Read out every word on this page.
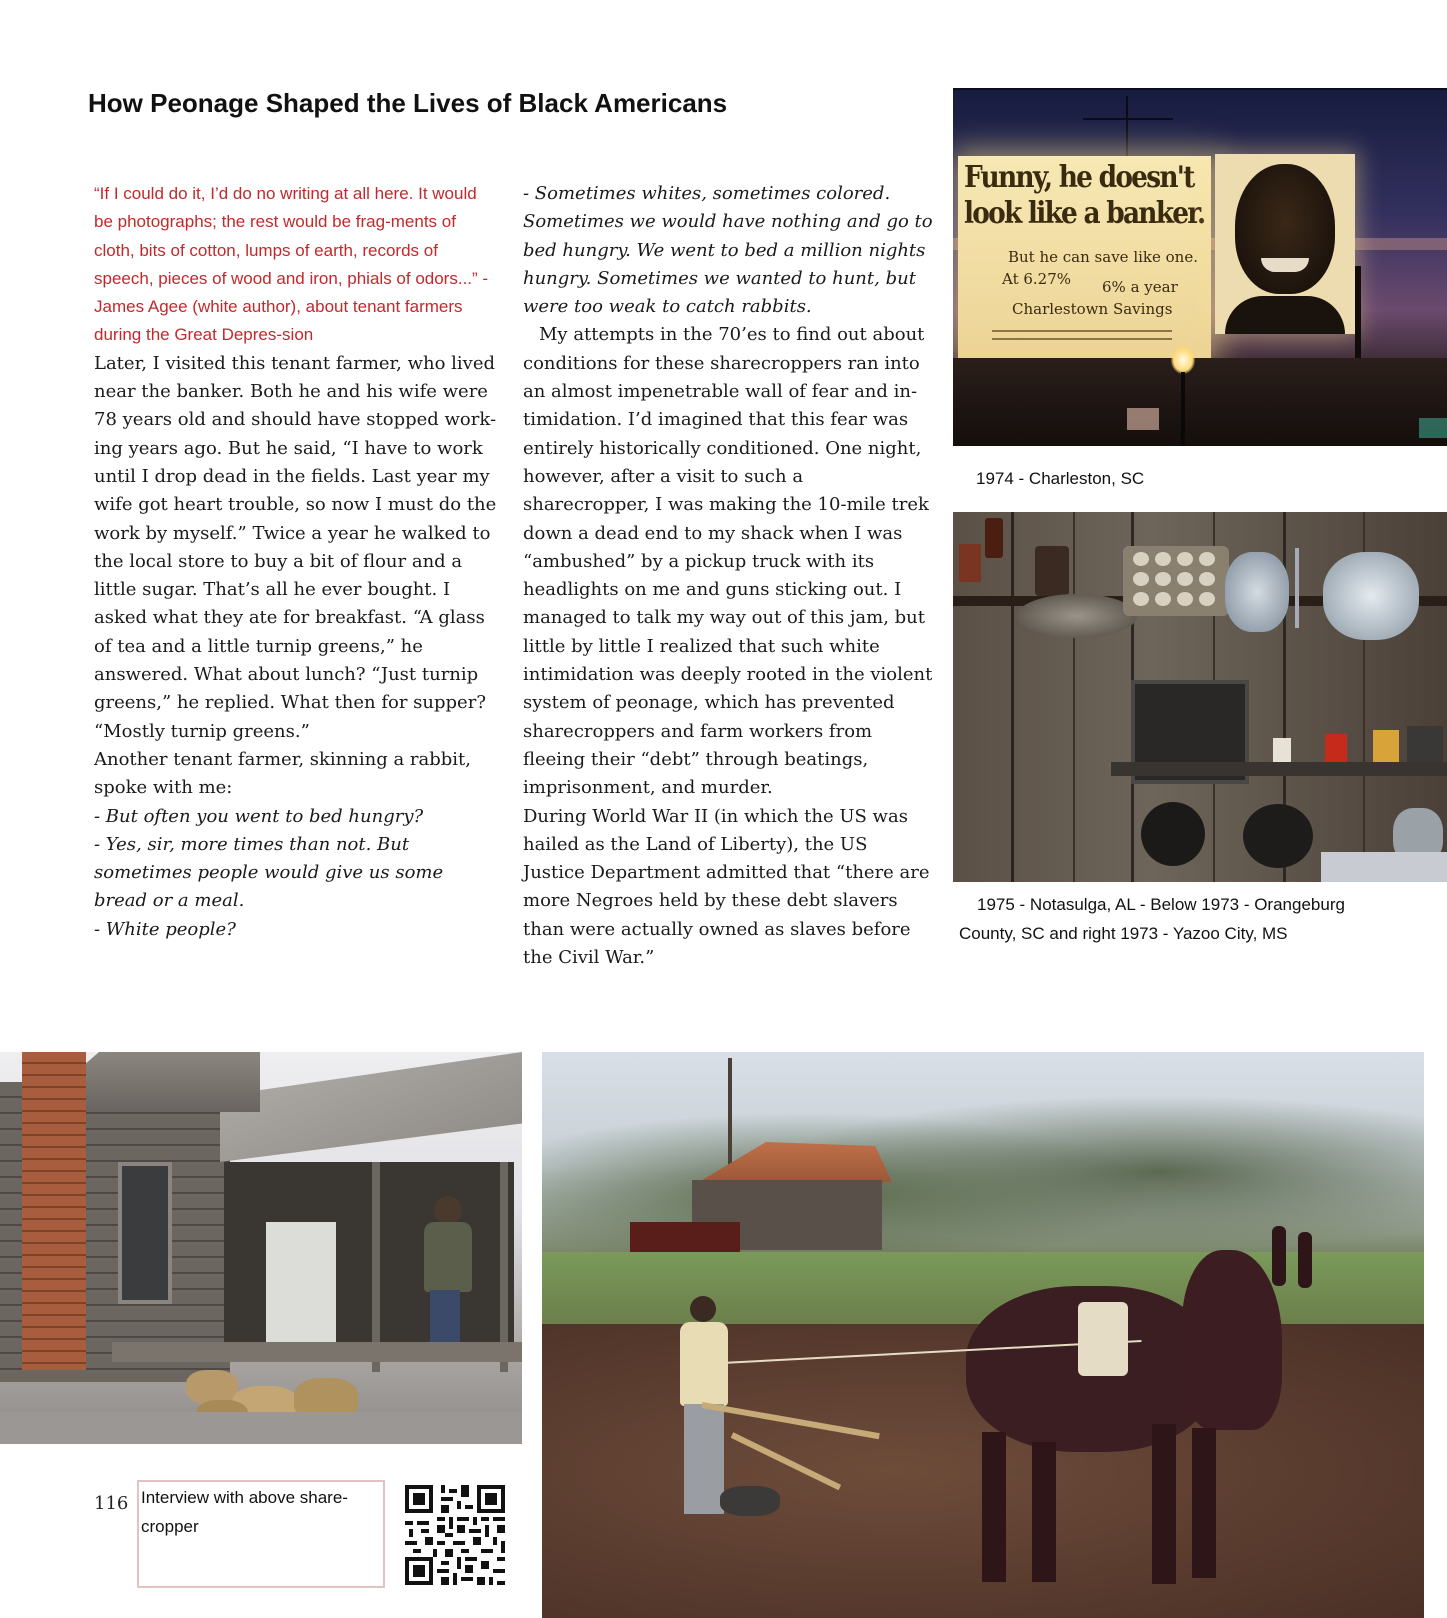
How Peonage Shaped the Lives of Black Americans

“If I could do it, I’d do no writing at all here. It would be photographs; the rest would be frag-ments of cloth, bits of cotton, lumps of earth, records of speech, pieces of wood and iron, phials of odors...” - James Agee (white author), about tenant farmers during the Great Depres-sion

Later, I visited this tenant farmer, who lived near the banker. Both he and his wife were 78 years old and should have stopped work-ing years ago. But he said, “I have to work until I drop dead in the fields. Last year my wife got heart trouble, so now I must do the work by myself.” Twice a year he walked to the local store to buy a bit of flour and a little sugar. That’s all he ever bought. I asked what they ate for breakfast. “A glass of tea and a little turnip greens,” he answered. What about lunch? “Just turnip greens,” he replied. What then for supper? “Mostly turnip greens.”

Another tenant farmer, skinning a rabbit, spoke with me:

- But often you went to bed hungry?

- Yes, sir, more times than not. But sometimes people would give us some bread or a meal.

- White people?

- Sometimes whites, sometimes colored. Sometimes we would have nothing and go to bed hungry. We went to bed a million nights hungry. Sometimes we wanted to hunt, but were too weak to catch rabbits.

My attempts in the 70’es to find out about conditions for these sharecroppers ran into an almost impenetrable wall of fear and in-timidation. I’d imagined that this fear was entirely historically conditioned. One night, however, after a visit to such a sharecropper, I was making the 10-mile trek down a dead end to my shack when I was “ambushed” by a pickup truck with its headlights on me and guns sticking out. I managed to talk my way out of this jam, but little by little I realized that such white intimidation was deeply rooted in the violent system of peonage, which has prevented sharecroppers and farm workers from fleeing their “debt” through beatings, imprisonment, and murder.

During World War II (in which the US was hailed as the Land of Liberty), the US Justice Department admitted that “there are more Negroes held by these debt slavers than were actually owned as slaves before the Civil War.”

Funny, he doesn't
look like a banker.
But he can save like one.
At 6.27% 6% a year
Charlestown Savings
1974 - Charleston, SC
1975 - Notasulga, AL - Below 1973 - Orangeburg County, SC and right 1973 - Yazoo City, MS
116 Interview with above share-cropper
